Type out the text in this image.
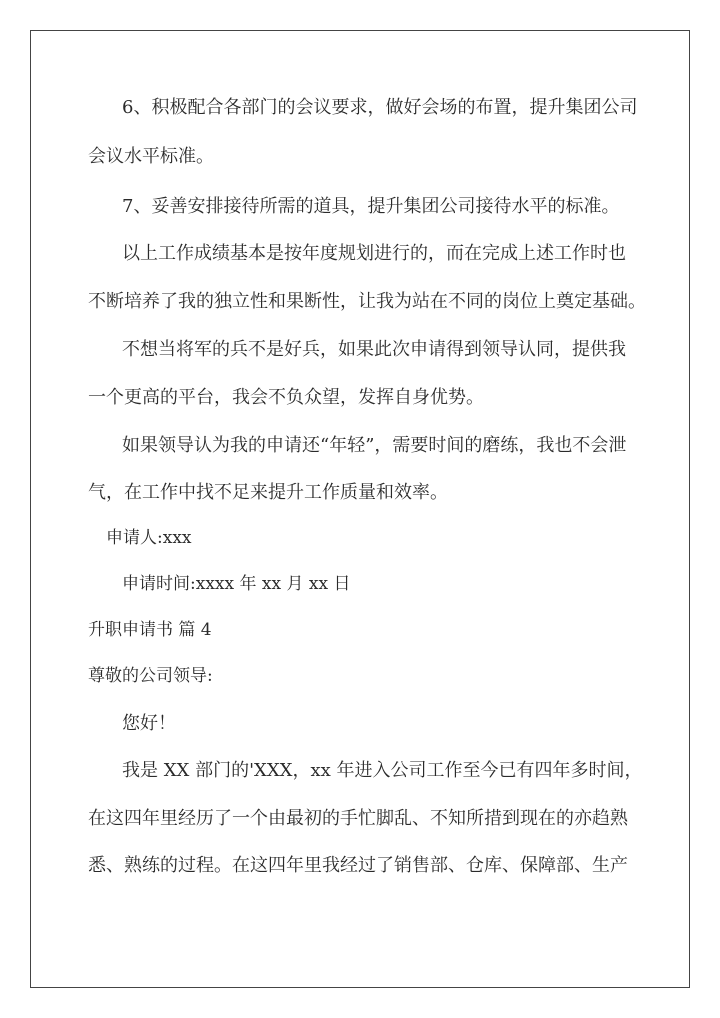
6、积极配合各部门的会议要求，做好会场的布置，提升集团公司
会议水平标准。
7、妥善安排接待所需的道具，提升集团公司接待水平的标准。
以上工作成绩基本是按年度规划进行的，而在完成上述工作时也
不断培养了我的独立性和果断性，让我为站在不同的岗位上奠定基础。
不想当将军的兵不是好兵，如果此次申请得到领导认同，提供我
一个更高的平台，我会不负众望，发挥自身优势。
如果领导认为我的申请还“年轻”，需要时间的磨练，我也不会泄
气，在工作中找不足来提升工作质量和效率。
申请人:xxx
申请时间:xxxx 年 xx 月 xx 日
升职申请书 篇 4
尊敬的公司领导:
您好！
我是 XX 部门的'XXX，xx 年进入公司工作至今已有四年多时间，
在这四年里经历了一个由最初的手忙脚乱、不知所措到现在的亦趋熟
悉、熟练的过程。在这四年里我经过了销售部、仓库、保障部、生产
